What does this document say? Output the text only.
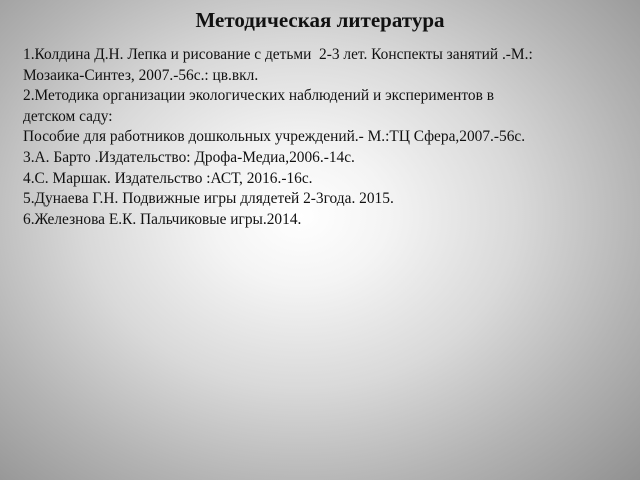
Методическая литература
1.Колдина Д.Н. Лепка и рисование с детьми  2-3 лет. Конспекты занятий .-М.:
Мозаика-Синтез, 2007.-56с.: цв.вкл.
2.Методика организации экологических наблюдений и экспериментов в
детском саду:
Пособие для работников дошкольных учреждений.- М.:ТЦ Сфера,2007.-56с.
3.А. Барто .Издательство: Дрофа-Медиа,2006.-14с.
4.С. Маршак. Издательство :АСТ, 2016.-16с.
5.Дунаева Г.Н. Подвижные игры длядетей 2-3года. 2015.
6.Железнова Е.К. Пальчиковые игры.2014.
